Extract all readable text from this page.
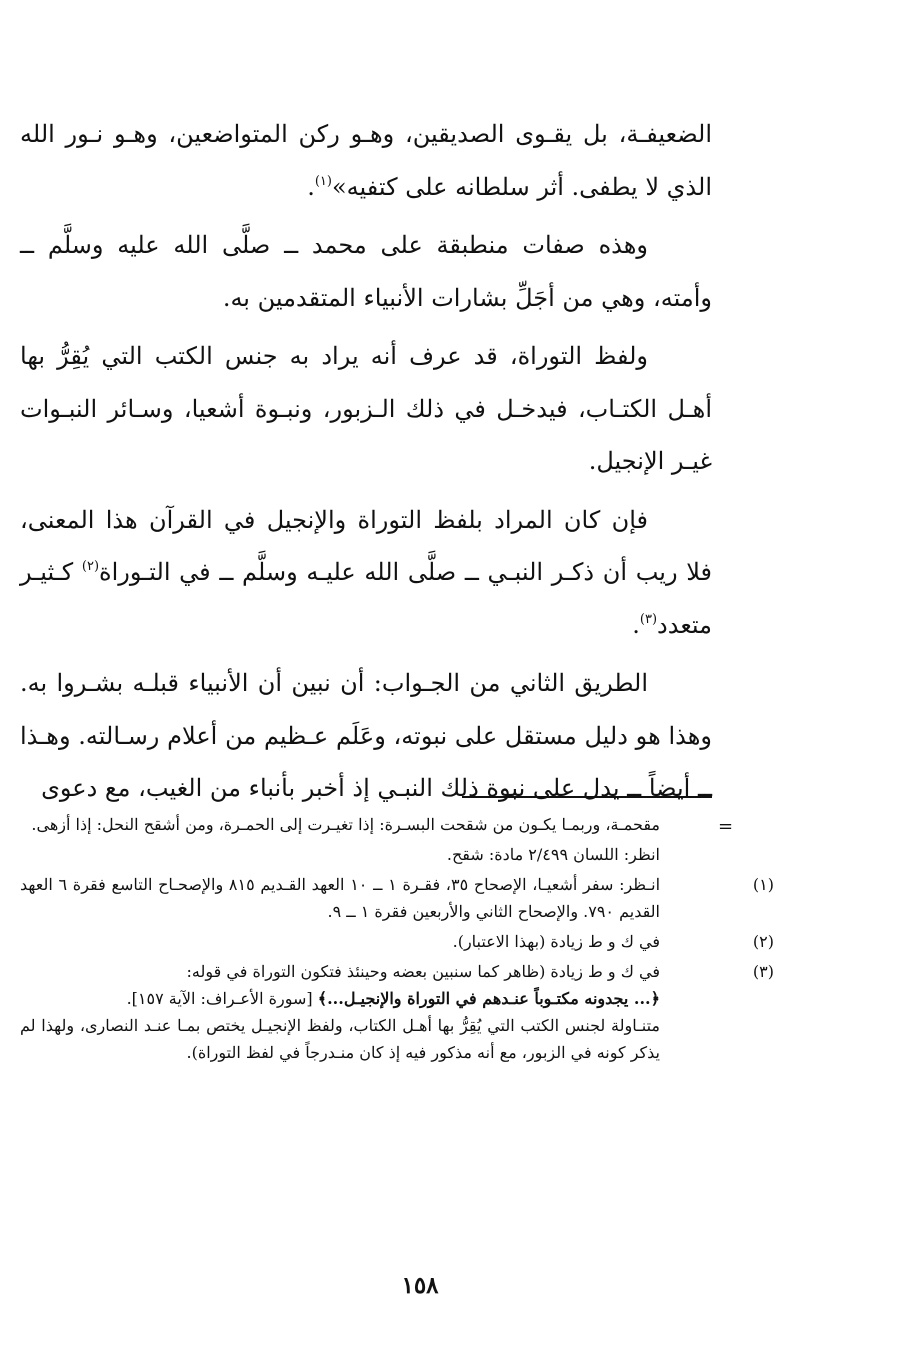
الضعيفـة، بل يقـوى الصديقين، وهـو ركن المتواضعين، وهـو نـور الله الذي لا يطفى. أثر سلطانه على كتفيه»$^{(١)}$.

وهذه صفات منطبقة على محمد ــ صلَّى الله عليه وسلَّم ــ وأمته، وهي من أجَلِّ بشارات الأنبياء المتقدمين به.

ولفظ التوراة، قد عرف أنه يراد به جنس الكتب التي يُقِرُّ بها أهـل الكتـاب، فيدخـل في ذلك الـزبور، ونبـوة أشعيا، وسـائر النبـوات غيـر الإنجيل.

فإن كان المراد بلفظ التوراة والإنجيل في القرآن هذا المعنى، فلا ريب أن ذكـر النبـي ــ صلَّى الله عليـه وسلَّم ــ في التـوراة$^{(٢)}$ كـثيـر متعدد$^{(٣)}$.

الطريق الثاني من الجـواب: أن نبين أن الأنبياء قبلـه بشـروا به. وهذا هو دليل مستقل على نبوته، وعَلَم عـظيم من أعلام رسـالته. وهـذا ــ أيضاً ــ يدل على نبوة ذلك النبـي إذ أخبر بأنباء من الغيب، مع دعوى

=
مقحمـة، وربمـا يكـون من شقحت البسـرة: إذا تغيـرت إلى الحمـرة، ومن أشقح النحل: إذا أزهى.
انظر: اللسان ٢/٤٩٩ مادة: شقح.
(١)
انـظر: سفر أشعيـا، الإصحاح ٣٥، فقـرة ١ ــ ١٠ العهد القـديم ٨١٥ والإصحـاح التاسع فقرة ٦ العهد القديم ٧٩٠. والإصحاح الثاني والأربعين فقرة ١ ــ ٩.
(٢)
في ك و ط زيادة (بهذا الاعتبار).
(٣)
في ك و ط زيادة (ظاهر كما سنبين بعضه وحينئذ فتكون التوراة في قوله:
﴿... يجدونه مكتـوباً عنـدهم في التوراة والإنجيـل...﴾ [سورة الأعـراف: الآية ١٥٧].
متنـاولة لجنس الكتب التي يُقِرُّ بها أهـل الكتاب، ولفظ الإنجيـل يختص بمـا عنـد النصارى، ولهذا لم يذكر كونه في الزبور، مع أنه مذكور فيه إذ كان منـدرجاً في لفظ التوراة).
١٥٨
